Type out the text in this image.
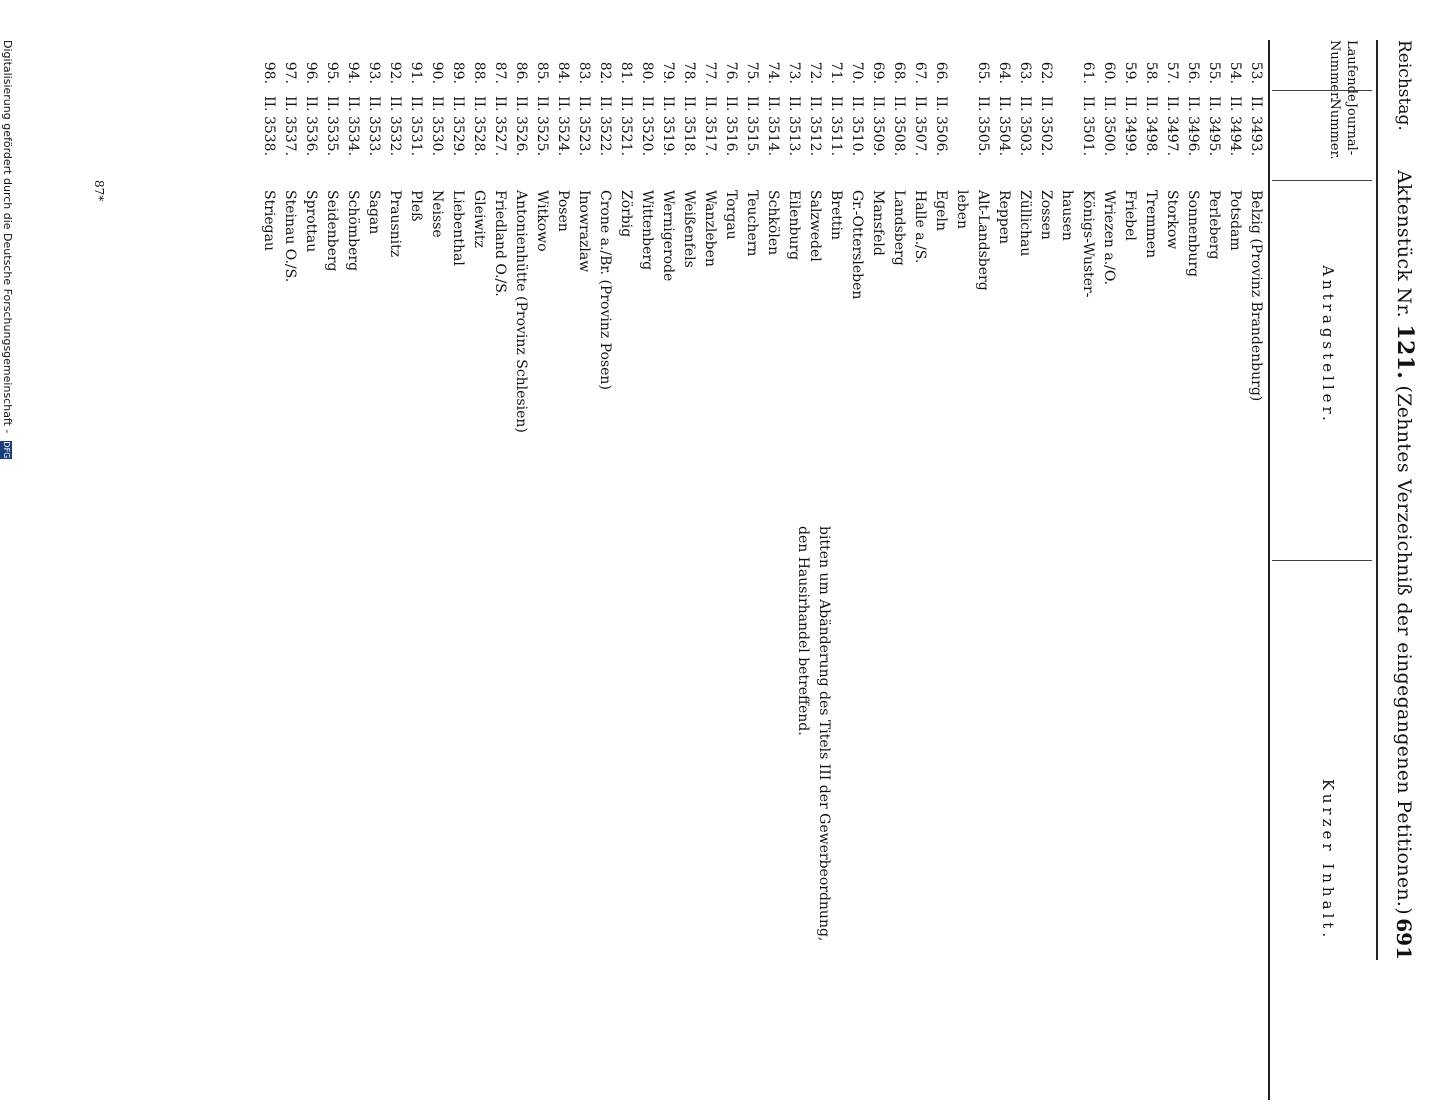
Reichstag.
Aktenstück Nr. 121. (Zehntes Verzeichniß der eingegangenen Petitionen.)
691
Laufende Nummer.
Journal-Nummer.
Antragsteller.
Kurzer Inhalt.
53.
II. 3493.
Belzig (Provinz Brandenburg)
54.
II. 3494.
Potsdam
55.
II. 3495.
Perleberg
56.
II. 3496.
Sonnenburg
57.
II. 3497.
Storkow
58.
II. 3498.
Tremmen
59.
II. 3499.
Friebel
60.
II. 3500.
Wriezen a./O.
61.
II. 3501.
Königs-Wuster-
hausen
62.
II. 3502.
Zossen
63.
II. 3503.
Züllichau
64.
II. 3504.
Reppen
65.
II. 3505.
Alt-Landsberg
leben
66.
II. 3506.
Egeln
67.
II. 3507.
Halle a./S.
68.
II. 3508.
Landsberg
69.
II. 3509.
Mansfeld
70.
II. 3510.
Gr.-Ottersleben
71.
II. 3511.
Brettin
72.
II. 3512.
Salzwedel
73.
II. 3513.
Eilenburg
74.
II. 3514.
Schkölen
75.
II. 3515.
Teuchern
76.
II. 3516.
Torgau
77.
II. 3517.
Wanzleben
78.
II. 3518.
Weißenfels
79.
II. 3519.
Wernigerode
80.
II. 3520.
Wittenberg
81.
II. 3521.
Zörbig
82.
II. 3522.
Crone a./Br. (Provinz Posen)
83.
II. 3523.
Inowrazlaw
84.
II. 3524.
Posen
85.
II. 3525.
Witkowo
86.
II. 3526.
Antonienhütte (Provinz Schlesien)
87.
II. 3527.
Friedland O./S.
88.
II. 3528.
Gleiwitz
89.
II. 3529.
Liebenthal
90.
II. 3530.
Neisse
91.
II. 3531.
Pleß
92.
II. 3532.
Prausnitz
93.
II. 3533.
Sagan
94.
II. 3534.
Schömberg
95.
II. 3535.
Seidenberg
96.
II. 3536.
Sprottau
97.
II. 3537.
Steinau O./S.
98.
II. 3538.
Striegau
bitten um Abänderung des Titels III der Gewerbeordnung,
den Hausirhandel betreffend.
87*
Digitalisierung gefördert durch die Deutsche Forschungsgemeinschaft - DFG
